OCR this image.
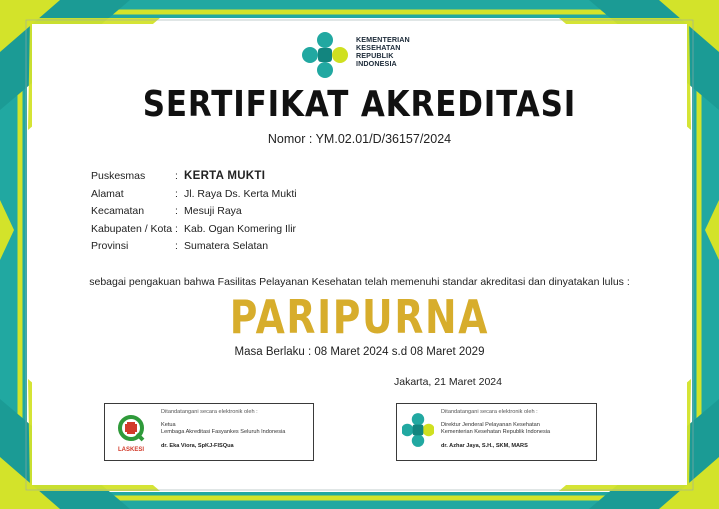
KEMENTERIAN
KESEHATAN
REPUBLIK
INDONESIA
SERTIFIKAT AKREDITASI
Nomor : YM.02.01/D/36157/2024
Puskesmas	: KERTA MUKTI
Alamat	: Jl. Raya Ds. Kerta Mukti
Kecamatan	: Mesuji Raya
Kabupaten / Kota : Kab. Ogan Komering Ilir
Provinsi	: Sumatera Selatan
sebagai pengakuan bahwa Fasilitas Pelayanan Kesehatan telah memenuhi standar akreditasi dan dinyatakan lulus :
PARIPURNA
Masa Berlaku : 08 Maret 2024 s.d 08 Maret 2029
Jakarta, 21 Maret 2024
LASKESI
Ditandatangani secara elektronik oleh :
Ketua
Lembaga Akreditasi Fasyankes Seluruh Indonesia
dr. Eka Viora, SpKJ-FISQua
Ditandatangani secara elektronik oleh :
Direktur Jenderal Pelayanan Kesehatan
Kementerian Kesehatan Republik Indonesia
dr. Azhar Jaya, S.H., SKM, MARS
